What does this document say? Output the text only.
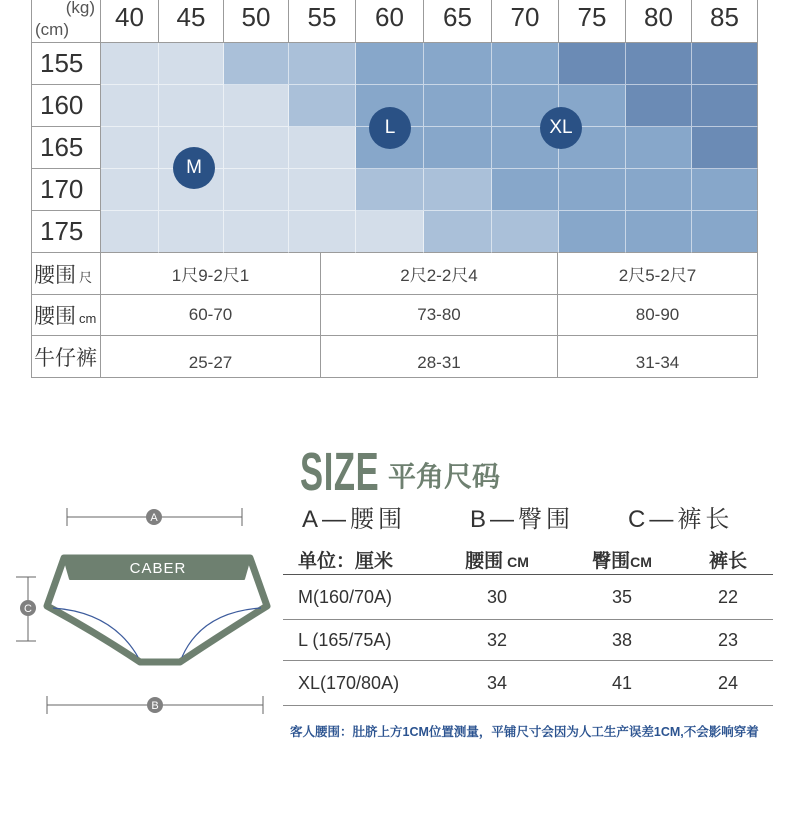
(kg)
(cm)	40	45	50	55	60	65	70	75	80	85
155
160
165
170
175
M
L	XL
腰围 尺	1尺9-2尺1	2尺2-2尺4	2尺5-2尺7
腰围 cm	60-70	73-80	80-90
牛仔裤	25-27	28-31	31-34
A
C
CABER
B
SIZE 平角尺码
A—腰围	B—臀围 C—裤长
单位：厘米	腰围 CM	臀围CM	裤长
M(160/70A)	30	35	22
L (165/75A)	32	38	23
XL(170/80A)	34	41	24
客人腰围：肚脐上方1CM位置测量，平铺尺寸会因为人工生产误差1CM,不会影响穿着
